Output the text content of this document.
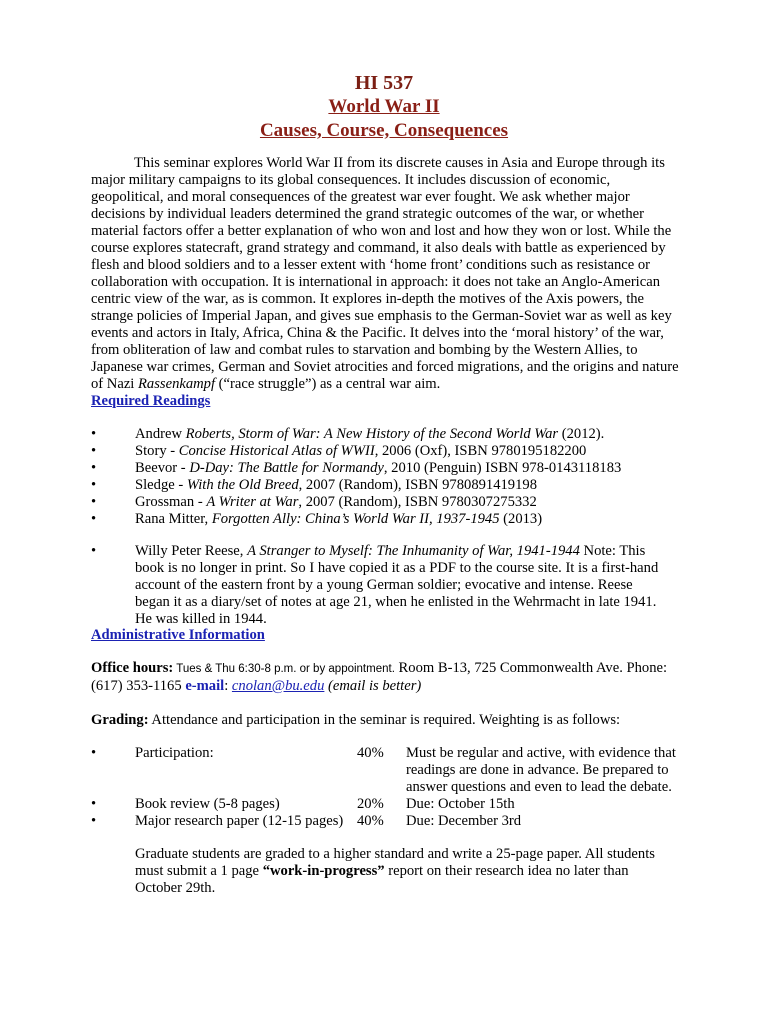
HI 537
World War II
Causes, Course, Consequences

This seminar explores World War II from its discrete causes in Asia and Europe through its major military campaigns to its global consequences. It includes discussion of economic, geopolitical, and moral consequences of the greatest war ever fought. We ask whether major decisions by individual leaders determined the grand strategic outcomes of the war, or whether material factors offer a better explanation of who won and lost and how they won or lost. While the course explores statecraft, grand strategy and command, it also deals with battle as experienced by flesh and blood soldiers and to a lesser extent with ‘home front’ conditions such as resistance or collaboration with occupation. It is international in approach: it does not take an Anglo-American centric view of the war, as is common. It explores in-depth the motives of the Axis powers, the strange policies of Imperial Japan, and gives sue emphasis to the German-Soviet war as well as key events and actors in Italy, Africa, China & the Pacific. It delves into the ‘moral history’ of the war, from obliteration of law and combat rules to starvation and bombing by the Western Allies, to Japanese war crimes, German and Soviet atrocities and forced migrations, and the origins and nature of Nazi Rassenkampf (“race struggle”) as a central war aim.

Required Readings
•	Andrew Roberts, Storm of War: A New History of the Second World War (2012).
•	Story - Concise Historical Atlas of WWII, 2006 (Oxf), ISBN 9780195182200
•	Beevor - D-Day: The Battle for Normandy, 2010 (Penguin) ISBN 978-0143118183
•	Sledge - With the Old Breed, 2007 (Random), ISBN 9780891419198
•	Grossman - A Writer at War, 2007 (Random), ISBN 9780307275332
•	Rana Mitter, Forgotten Ally: China’s World War II, 1937-1945 (2013)
•	Willy Peter Reese, A Stranger to Myself: The Inhumanity of War, 1941-1944 Note: This book is no longer in print. So I have copied it as a PDF to the course site. It is a first-hand account of the eastern front by a young German soldier; evocative and intense. Reese began it as a diary/set of notes at age 21, when he enlisted in the Wehrmacht in late 1941. He was killed in 1944.
Administrative Information
Office hours: Tues & Thu 6:30-8 p.m. or by appointment. Room B-13, 725 Commonwealth Ave. Phone: (617) 353-1165 e-mail: cnolan@bu.edu (email is better)
Grading: Attendance and participation in the seminar is required. Weighting is as follows:
•	Participation:	40%	Must be regular and active, with evidence that readings are done in advance. Be prepared to answer questions and even to lead the debate.
•	Book review (5-8 pages)	20%	Due: October 15th
•	Major research paper (12-15 pages)	40%	Due: December 3rd
Graduate students are graded to a higher standard and write a 25-page paper. All students must submit a 1 page “work-in-progress” report on their research idea no later than October 29th.
